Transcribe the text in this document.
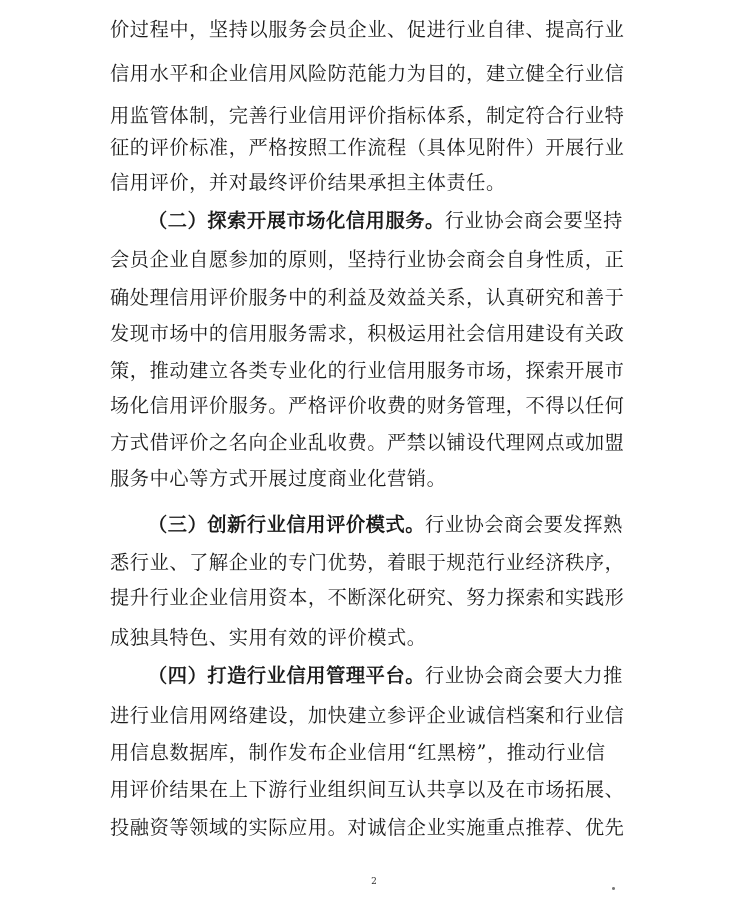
价过程中，坚持以服务会员企业、促进行业自律、提高行业
信用水平和企业信用风险防范能力为目的，建立健全行业信
用监管体制，完善行业信用评价指标体系，制定符合行业特
征的评价标准，严格按照工作流程（具体见附件）开展行业
信用评价，并对最终评价结果承担主体责任。
（二）探索开展市场化信用服务。行业协会商会要坚持
会员企业自愿参加的原则，坚持行业协会商会自身性质，正
确处理信用评价服务中的利益及效益关系，认真研究和善于
发现市场中的信用服务需求，积极运用社会信用建设有关政
策，推动建立各类专业化的行业信用服务市场，探索开展市
场化信用评价服务。严格评价收费的财务管理，不得以任何
方式借评价之名向企业乱收费。严禁以铺设代理网点或加盟
服务中心等方式开展过度商业化营销。
（三）创新行业信用评价模式。行业协会商会要发挥熟
悉行业、了解企业的专门优势，着眼于规范行业经济秩序，
提升行业企业信用资本，不断深化研究、努力探索和实践形
成独具特色、实用有效的评价模式。
（四）打造行业信用管理平台。行业协会商会要大力推
进行业信用网络建设，加快建立参评企业诚信档案和行业信
用信息数据库，制作发布企业信用“红黑榜”，推动行业信
用评价结果在上下游行业组织间互认共享以及在市场拓展、
投融资等领域的实际应用。对诚信企业实施重点推荐、优先
2
